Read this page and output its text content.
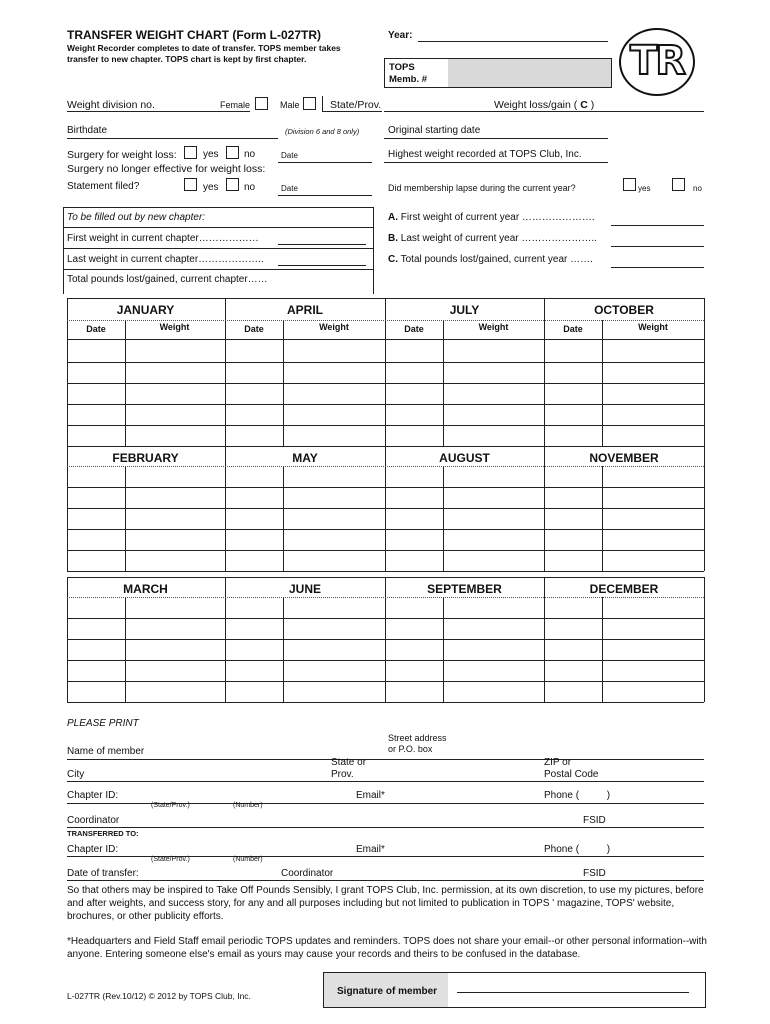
TRANSFER WEIGHT CHART (Form L-027TR)
Weight Recorder completes to date of transfer. TOPS member takes
transfer to new chapter. TOPS chart is kept by first chapter.
Year:
TOPS
Memb. #	TR
Weight division no.	Female	Male	State/Prov.	Weight loss/gain ( C )
Birthdate	(Division 6 and 8 only)	Original starting date
Surgery for weight loss:	yes	no	Date	Highest weight recorded at TOPS Club, Inc.
Surgery no longer effective for weight loss:
Statement filed?	yes	no	Date	Did membership lapse during the current year?	yes	no
To be filled out by new chapter:
First weight in current chapter………………
Last weight in current chapter………………..
Total pounds lost/gained, current chapter……
A. First weight of current year ………………….
B. Last weight of current year …………………..
C. Total pounds lost/gained, current year …….
JANUARY
Date	Weight
APRIL
Date	Weight
JULY
Date	Weight
OCTOBER
Date	Weight
FEBRUARY	MAY	AUGUST	NOVEMBER
MARCH	JUNE	SEPTEMBER	DECEMBER
PLEASE PRINT
Street address
or P.O. box
Name of member
State or
Prov.
ZIP or
Postal Code
City
Chapter ID:	Email*	Phone (          )
(State/Prov.)	(Number)
Coordinator	FSID
TRANSFERRED TO:
Chapter ID:	Email*	Phone (          )
(State/Prov.)	(Number)
Date of transfer:	Coordinator	FSID
So that others may be inspired to Take Off Pounds Sensibly, I grant TOPS Club, Inc. permission, at its own discretion, to use my pictures, before and after weights, and success story, for any and all purposes including but not limited to publication in TOPS ' magazine, TOPS' website, brochures, or other publicity efforts.
*Headquarters and Field Staff email periodic TOPS updates and reminders. TOPS does not share your email--or other personal information--with anyone. Entering someone else's email as yours may cause your records and theirs to be confused in the database.
L-027TR (Rev.10/12) © 2012 by TOPS Club, Inc.	Signature of member
